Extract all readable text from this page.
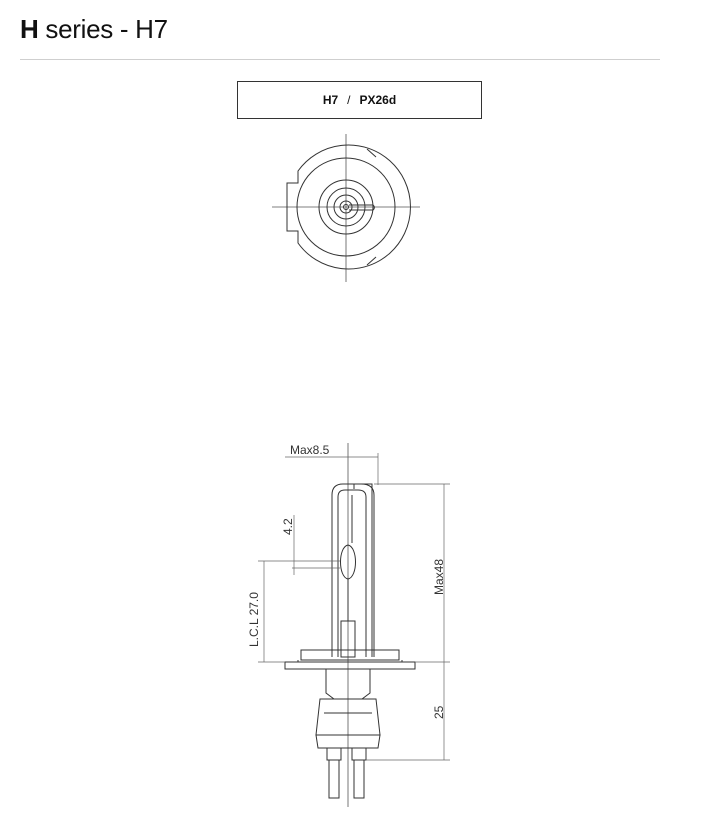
H series - H7
H7 / PX26d
Max8.5
Max48
25
4.2
L.C.L 27.0
